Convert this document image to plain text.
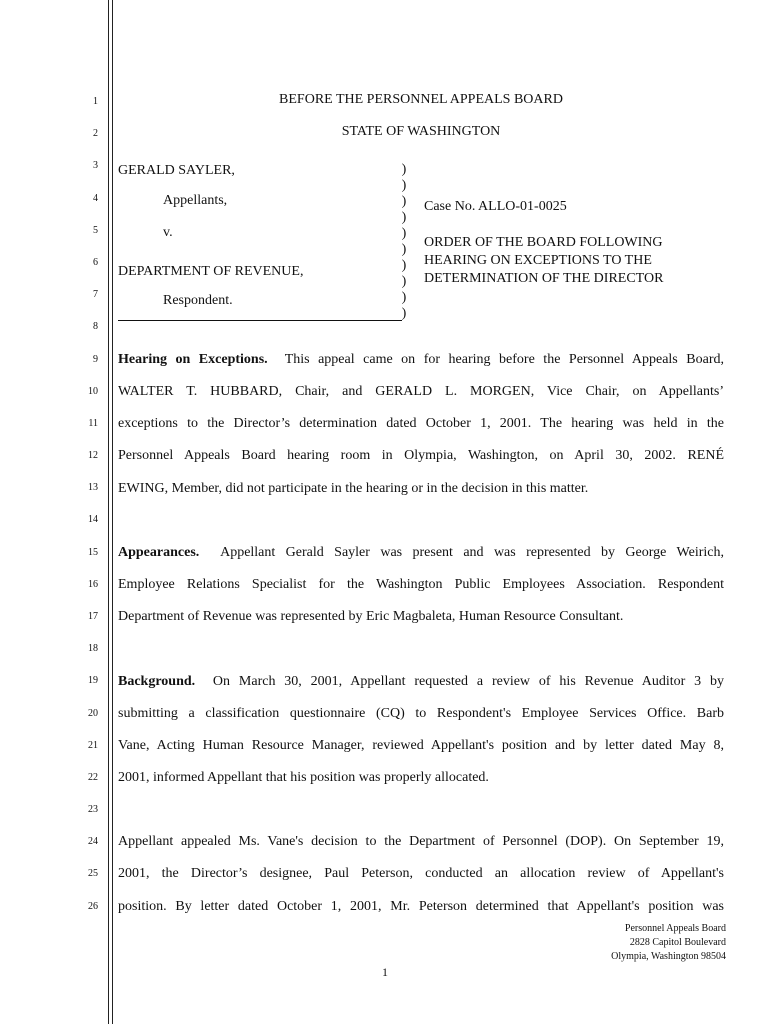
1
2
3
4
5
6
7
8
9
10
11
12
13
14
15
16
17
18
19
20
21
22
23
24
25
26
BEFORE THE PERSONNEL APPEALS BOARD
STATE OF WASHINGTON
GERALD SAYLER,
Appellants,
v.
DEPARTMENT OF REVENUE,
Respondent.
)
)
)
)
)
)
)
)
)
)
Case No. ALLO-01-0025
ORDER OF THE BOARD FOLLOWING
HEARING ON EXCEPTIONS TO THE
DETERMINATION OF THE DIRECTOR
Hearing on Exceptions. This appeal came on for hearing before the Personnel Appeals Board,
WALTER T. HUBBARD, Chair, and GERALD L. MORGEN, Vice Chair, on Appellants’
exceptions to the Director’s determination dated October 1, 2001. The hearing was held in the
Personnel Appeals Board hearing room in Olympia, Washington, on April 30, 2002. RENÉ
EWING, Member, did not participate in the hearing or in the decision in this matter.
Appearances. Appellant Gerald Sayler was present and was represented by George Weirich,
Employee Relations Specialist for the Washington Public Employees Association. Respondent
Department of Revenue was represented by Eric Magbaleta, Human Resource Consultant.
Background. On March 30, 2001, Appellant requested a review of his Revenue Auditor 3 by
submitting a classification questionnaire (CQ) to Respondent's Employee Services Office. Barb
Vane, Acting Human Resource Manager, reviewed Appellant's position and by letter dated May 8,
2001, informed Appellant that his position was properly allocated.
Appellant appealed Ms. Vane's decision to the Department of Personnel (DOP). On September 19,
2001, the Director’s designee, Paul Peterson, conducted an allocation review of Appellant's
position. By letter dated October 1, 2001, Mr. Peterson determined that Appellant's position was
Personnel Appeals Board
2828 Capitol Boulevard
Olympia, Washington 98504
1
